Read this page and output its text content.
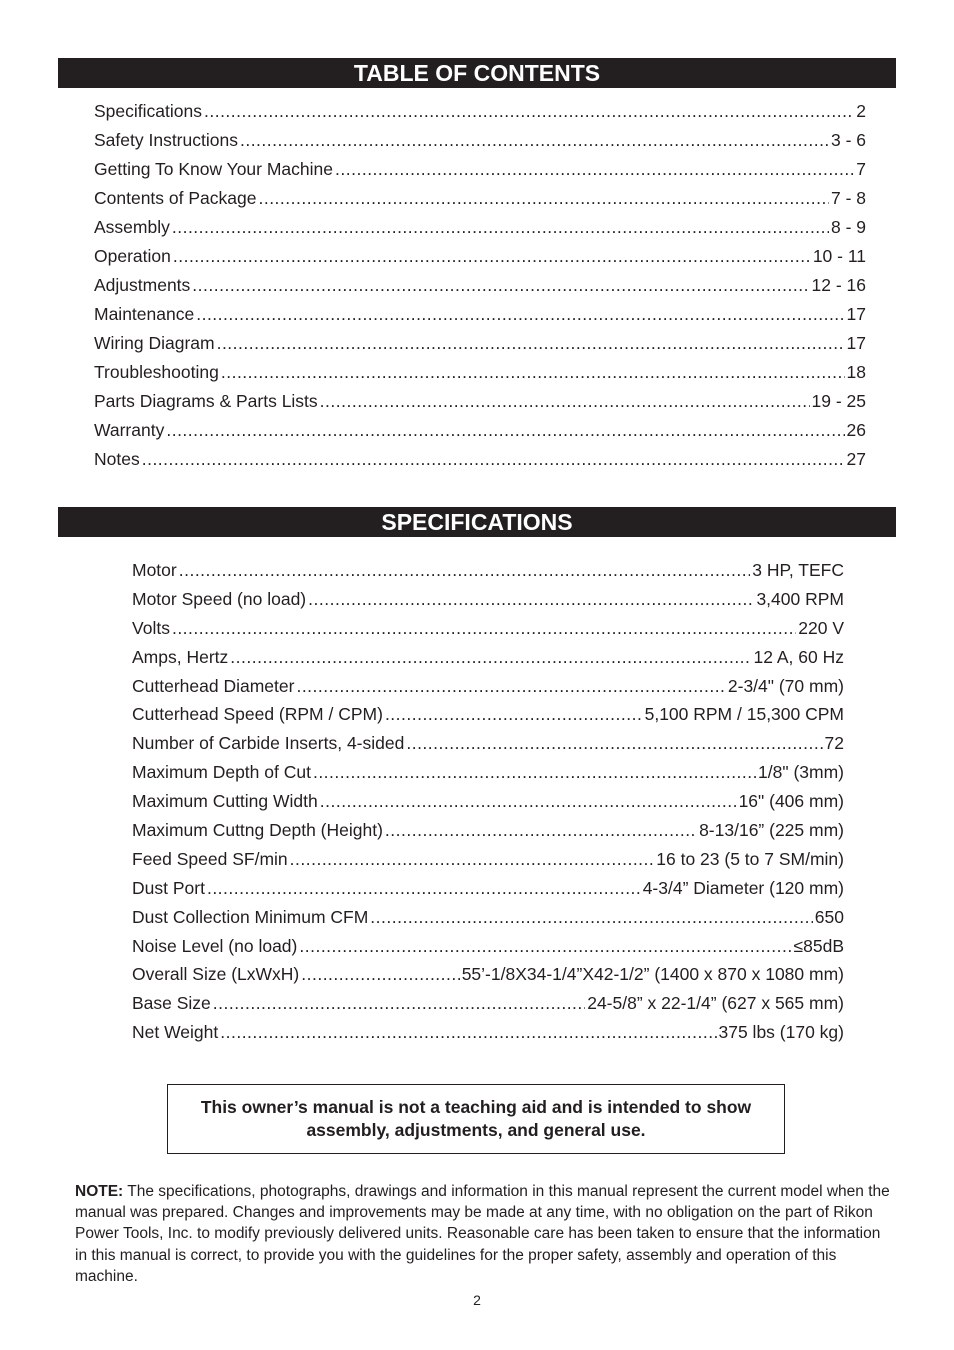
TABLE OF CONTENTS
Specifications .....	2
Safety Instructions .....	3 - 6
Getting To Know Your Machine .....	7
Contents of Package .....	7 - 8
Assembly .....	8 - 9
Operation .....	10 - 11
Adjustments .....	12 - 16
Maintenance .....	17
Wiring Diagram .....	17
Troubleshooting .....	18
Parts Diagrams & Parts Lists .....	19 - 25
Warranty .....	26
Notes .....	27
SPECIFICATIONS
Motor .....	3 HP, TEFC
Motor Speed (no load) .....	3,400 RPM
Volts .....	220 V
Amps, Hertz .....	12 A, 60 Hz
Cutterhead Diameter .....	2-3/4" (70 mm)
Cutterhead Speed (RPM / CPM) .....	5,100 RPM / 15,300 CPM
Number of Carbide Inserts, 4-sided .....	72
Maximum Depth of Cut .....	1/8" (3mm)
Maximum Cutting Width .....	16" (406 mm)
Maximum Cuttng Depth (Height) .....	8-13/16” (225 mm)
Feed Speed SF/min .....	16 to 23 (5 to 7 SM/min)
Dust Port .....	4-3/4” Diameter (120 mm)
Dust Collection Minimum CFM .....	650
Noise Level (no load) .....	≤85dB
Overall Size (LxWxH) .....	55’-1/8X34-1/4”X42-1/2” (1400 x 870 x 1080 mm)
Base Size .....	24-5/8” x 22-1/4” (627 x 565 mm)
Net Weight .....	375 lbs (170 kg)
This owner’s manual is not a teaching aid and is intended to show
assembly, adjustments, and general use.
NOTE: The specifications, photographs, drawings and information in this manual represent the current model when the manual was prepared. Changes and improvements may be made at any time, with no obligation on the part of Rikon Power Tools, Inc. to modify previously delivered units. Reasonable care has been taken to ensure that the information in this manual is correct, to provide you with the guidelines for the proper safety, assembly and operation of this machine.
2
